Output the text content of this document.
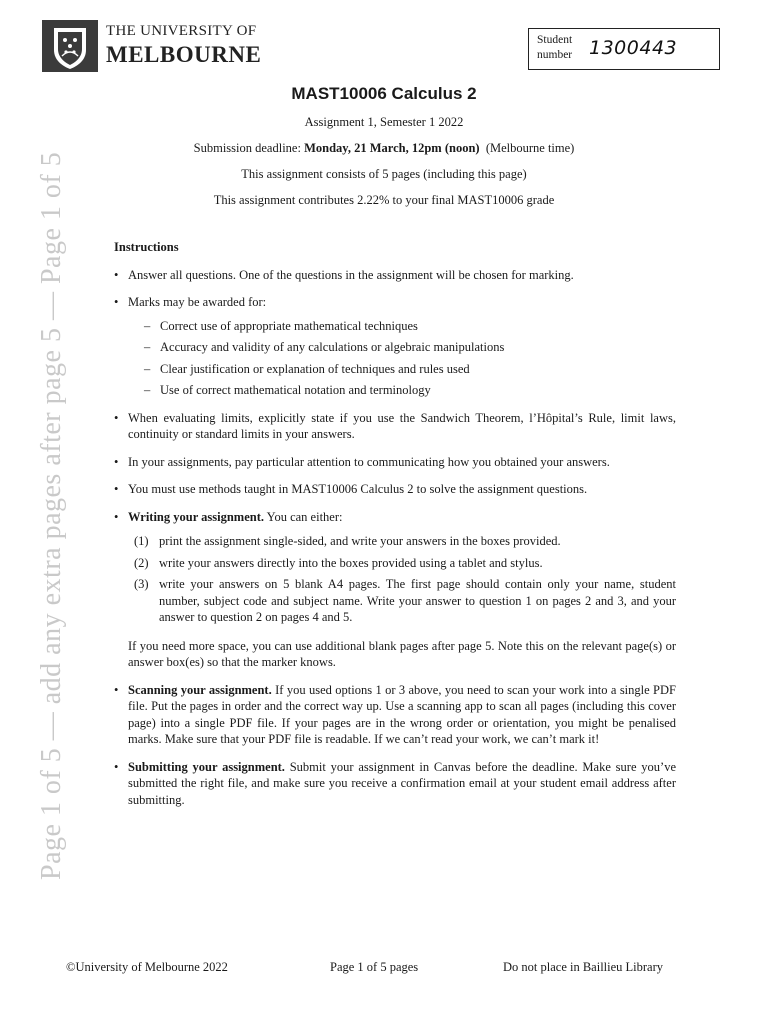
THE UNIVERSITY OF
MELBOURNE
Student
number 1300443
Page 1 of 5 — add any extra pages after page 5 — Page 1 of 5
MAST10006 Calculus 2
Assignment 1, Semester 1 2022
Submission deadline: Monday, 21 March, 12pm (noon) (Melbourne time)
This assignment consists of 5 pages (including this page)
This assignment contributes 2.22% to your final MAST10006 grade

Instructions

• Answer all questions. One of the questions in the assignment will be chosen for marking.
• Marks may be awarded for:
– Correct use of appropriate mathematical techniques
– Accuracy and validity of any calculations or algebraic manipulations
– Clear justification or explanation of techniques and rules used
– Use of correct mathematical notation and terminology
• When evaluating limits, explicitly state if you use the Sandwich Theorem, l’Hôpital’s Rule, limit laws, continuity or standard limits in your answers.
• In your assignments, pay particular attention to communicating how you obtained your answers.
• You must use methods taught in MAST10006 Calculus 2 to solve the assignment questions.
• Writing your assignment. You can either:
(1) print the assignment single-sided, and write your answers in the boxes provided.
(2) write your answers directly into the boxes provided using a tablet and stylus.
(3) write your answers on 5 blank A4 pages. The first page should contain only your name, student number, subject code and subject name. Write your answer to question 1 on pages 2 and 3, and your answer to question 2 on pages 4 and 5.

If you need more space, you can use additional blank pages after page 5. Note this on the relevant page(s) or answer box(es) so that the marker knows.

• Scanning your assignment. If you used options 1 or 3 above, you need to scan your work into a single PDF file. Put the pages in order and the correct way up. Use a scanning app to scan all pages (including this cover page) into a single PDF file. If your pages are in the wrong order or orientation, you might be penalised marks. Make sure that your PDF file is readable. If we can’t read your work, we can’t mark it!
• Submitting your assignment. Submit your assignment in Canvas before the deadline. Make sure you’ve submitted the right file, and make sure you receive a confirmation email at your student email address after submitting.
©University of Melbourne 2022	Page 1 of 5 pages	Do not place in Baillieu Library
